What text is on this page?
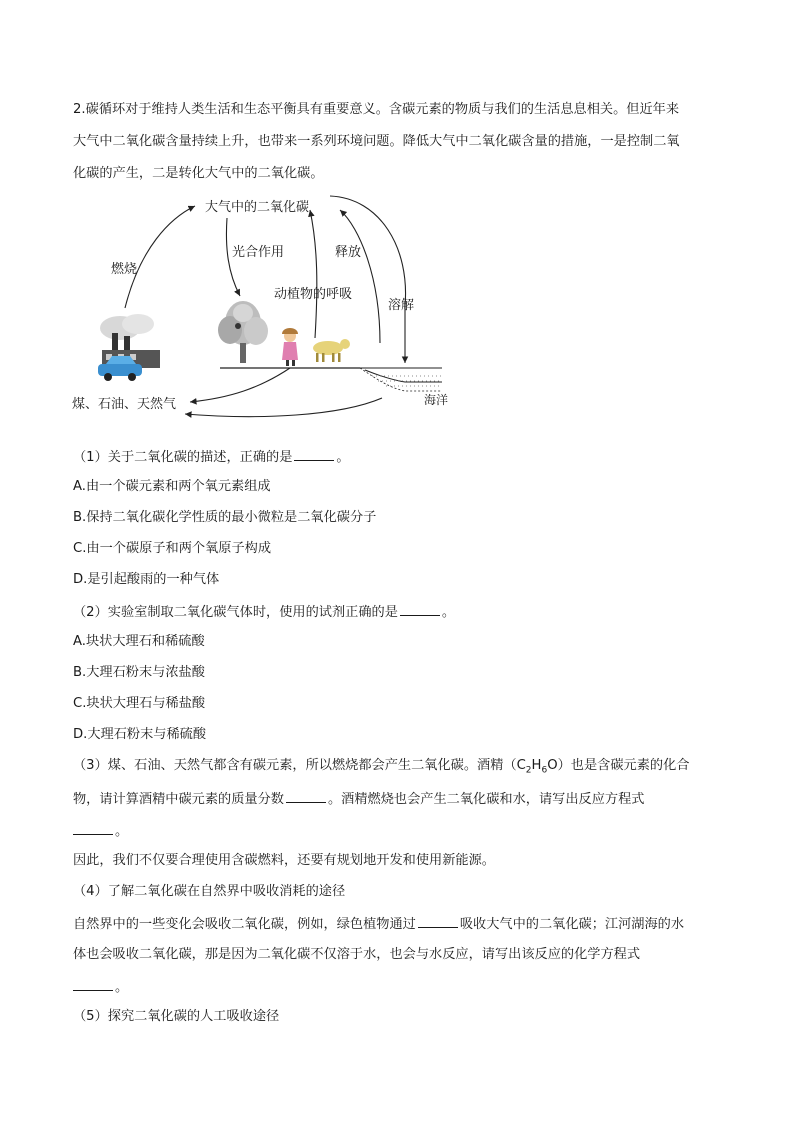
2.碳循环对于维持人类生活和生态平衡具有重要意义。含碳元素的物质与我们的生活息息相关。但近年来
大气中二氧化碳含量持续上升，也带来一系列环境问题。降低大气中二氧化碳含量的措施，一是控制二氧
化碳的产生，二是转化大气中的二氧化碳。
大气中的二氧化碳
燃烧
光合作用	释放
动植物的呼吸
溶解
煤、石油、天然气	海洋
（1）关于二氧化碳的描述，正确的是	。
A.由一个碳元素和两个氧元素组成
B.保持二氧化碳化学性质的最小微粒是二氧化碳分子
C.由一个碳原子和两个氧原子构成
D.是引起酸雨的一种气体
（2）实验室制取二氧化碳气体时，使用的试剂正确的是	。
A.块状大理石和稀硫酸
B.大理石粉末与浓盐酸
C.块状大理石与稀盐酸
D.大理石粉末与稀硫酸
（3）煤、石油、天然气都含有碳元素，所以燃烧都会产生二氧化碳。酒精$(C_2H_6O)$也是含碳元素的化合
物，请计算酒精中碳元素的质量分数	。酒精燃烧也会产生二氧化碳和水，请写出反应方程式
。
因此，我们不仅要合理使用含碳燃料，还要有规划地开发和使用新能源。
（4）了解二氧化碳在自然界中吸收消耗的途径
自然界中的一些变化会吸收二氧化碳，例如，绿色植物通过	吸收大气中的二氧化碳；江河湖海的水
体也会吸收二氧化碳，那是因为二氧化碳不仅溶于水，也会与水反应，请写出该反应的化学方程式
。
（5）探究二氧化碳的人工吸收途径
